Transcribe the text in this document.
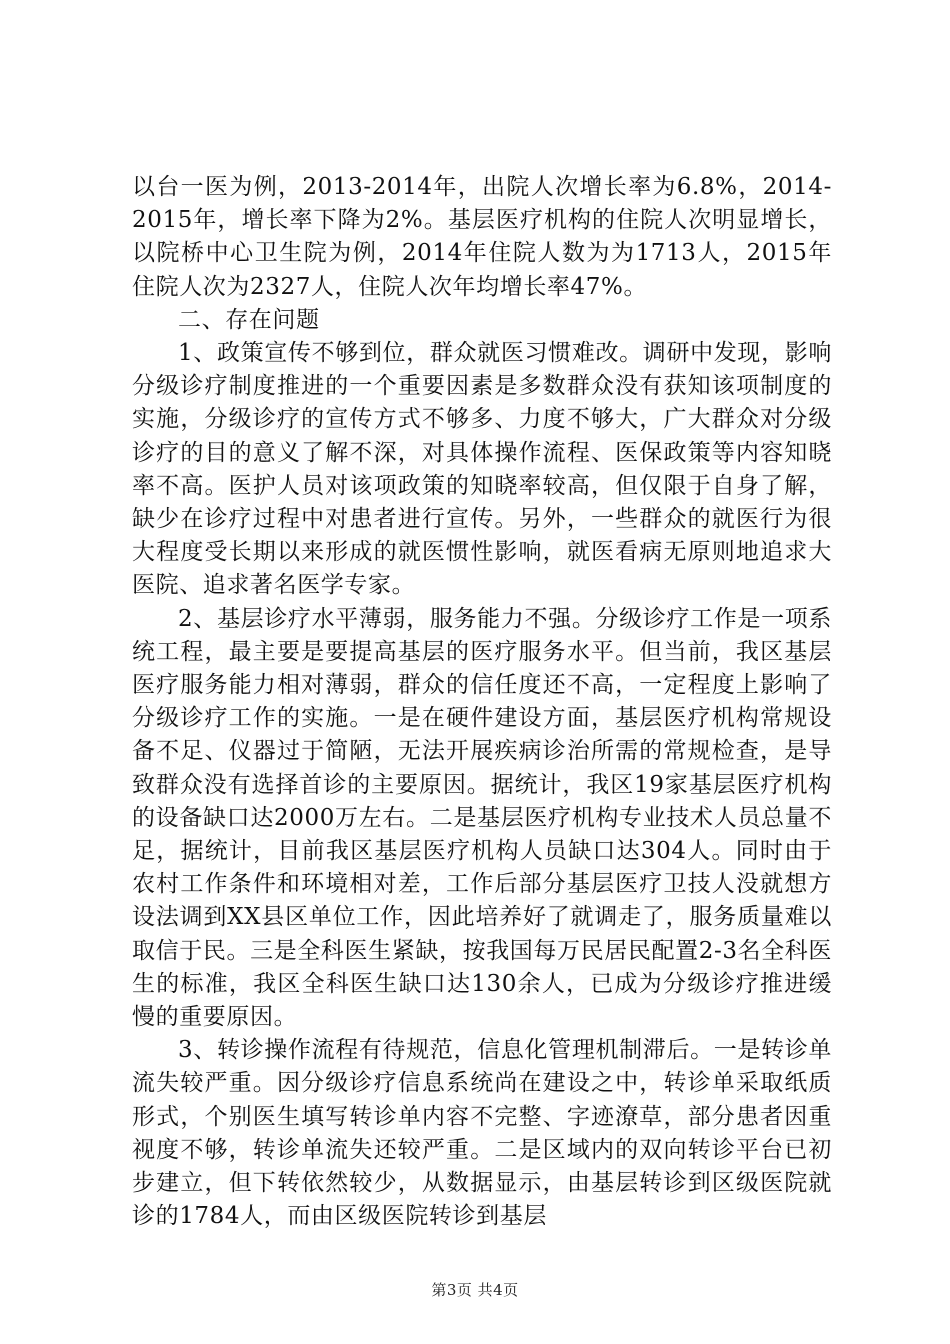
以台一医为例，2013-2014年，出院人次增长率为6.8%，2014-2015年，增长率下降为2%。基层医疗机构的住院人次明显增长，以院桥中心卫生院为例，2014年住院人数为为1713人，2015年住院人次为2327人，住院人次年均增长率47%。

二、存在问题

1、政策宣传不够到位，群众就医习惯难改。调研中发现，影响分级诊疗制度推进的一个重要因素是多数群众没有获知该项制度的实施，分级诊疗的宣传方式不够多、力度不够大，广大群众对分级诊疗的目的意义了解不深，对具体操作流程、医保政策等内容知晓率不高。医护人员对该项政策的知晓率较高，但仅限于自身了解，缺少在诊疗过程中对患者进行宣传。另外，一些群众的就医行为很大程度受长期以来形成的就医惯性影响，就医看病无原则地追求大医院、追求著名医学专家。

2、基层诊疗水平薄弱，服务能力不强。分级诊疗工作是一项系统工程，最主要是要提高基层的医疗服务水平。但当前，我区基层医疗服务能力相对薄弱，群众的信任度还不高，一定程度上影响了分级诊疗工作的实施。一是在硬件建设方面，基层医疗机构常规设备不足、仪器过于简陋，无法开展疾病诊治所需的常规检查，是导致群众没有选择首诊的主要原因。据统计，我区19家基层医疗机构的设备缺口达2000万左右。二是基层医疗机构专业技术人员总量不足，据统计，目前我区基层医疗机构人员缺口达304人。同时由于农村工作条件和环境相对差，工作后部分基层医疗卫技人没就想方设法调到XX县区单位工作，因此培养好了就调走了，服务质量难以取信于民。三是全科医生紧缺，按我国每万民居民配置2-3名全科医生的标准，我区全科医生缺口达130余人，已成为分级诊疗推进缓慢的重要原因。

3、转诊操作流程有待规范，信息化管理机制滞后。一是转诊单流失较严重。因分级诊疗信息系统尚在建设之中，转诊单采取纸质形式，个别医生填写转诊单内容不完整、字迹潦草，部分患者因重视度不够，转诊单流失还较严重。二是区域内的双向转诊平台已初步建立，但下转依然较少，从数据显示，由基层转诊到区级医院就诊的1784人，而由区级医院转诊到基层

第3页 共4页
